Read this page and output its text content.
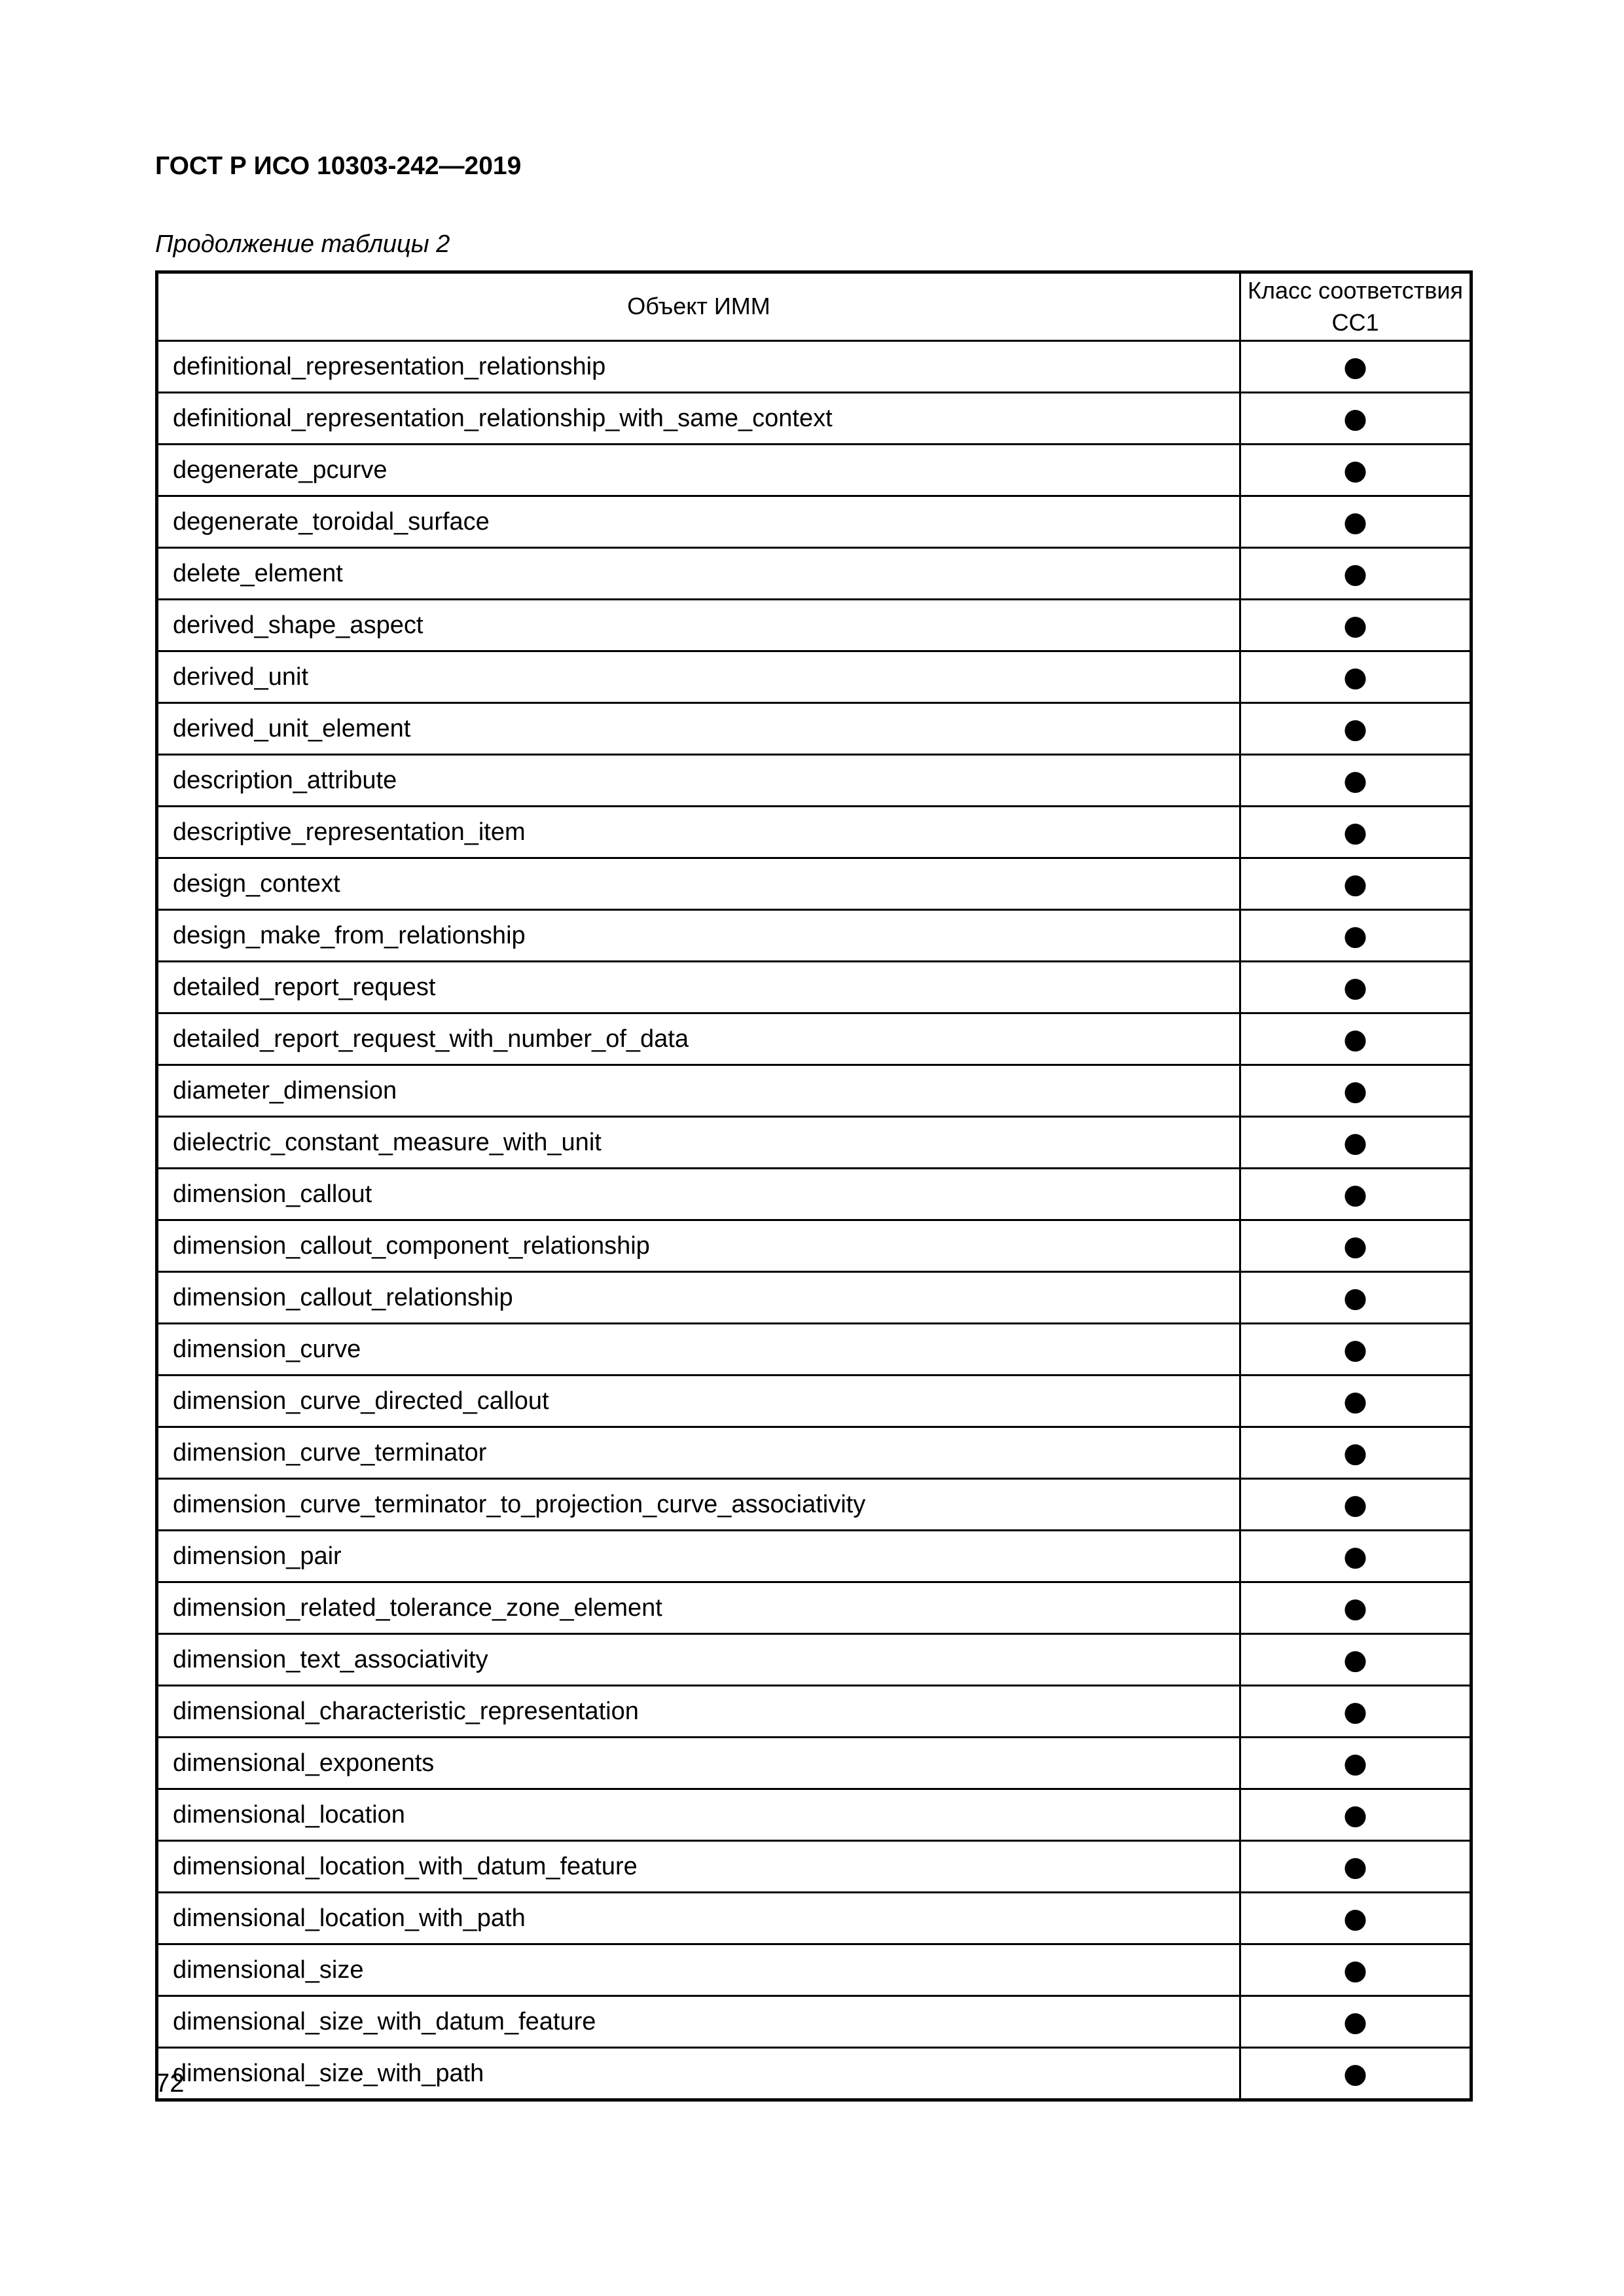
ГОСТ Р ИСО 10303-242—2019
Продолжение таблицы 2
Объект ИММ	Класс соответствия
CC1

definitional_representation_relationship	●
definitional_representation_relationship_with_same_context	●
degenerate_pcurve	●
degenerate_toroidal_surface	●
delete_element	●
derived_shape_aspect	●
derived_unit	●
derived_unit_element	●
description_attribute	●
descriptive_representation_item	●
design_context	●
design_make_from_relationship	●
detailed_report_request	●
detailed_report_request_with_number_of_data	●
diameter_dimension	●
dielectric_constant_measure_with_unit	●
dimension_callout	●
dimension_callout_component_relationship	●
dimension_callout_relationship	●
dimension_curve	●
dimension_curve_directed_callout	●
dimension_curve_terminator	●
dimension_curve_terminator_to_projection_curve_associativity	●
dimension_pair	●
dimension_related_tolerance_zone_element	●
dimension_text_associativity	●
dimensional_characteristic_representation	●
dimensional_exponents	●
dimensional_location	●
dimensional_location_with_datum_feature	●
dimensional_location_with_path	●
dimensional_size	●
dimensional_size_with_datum_feature	●
dimensional_size_with_path	●
72
